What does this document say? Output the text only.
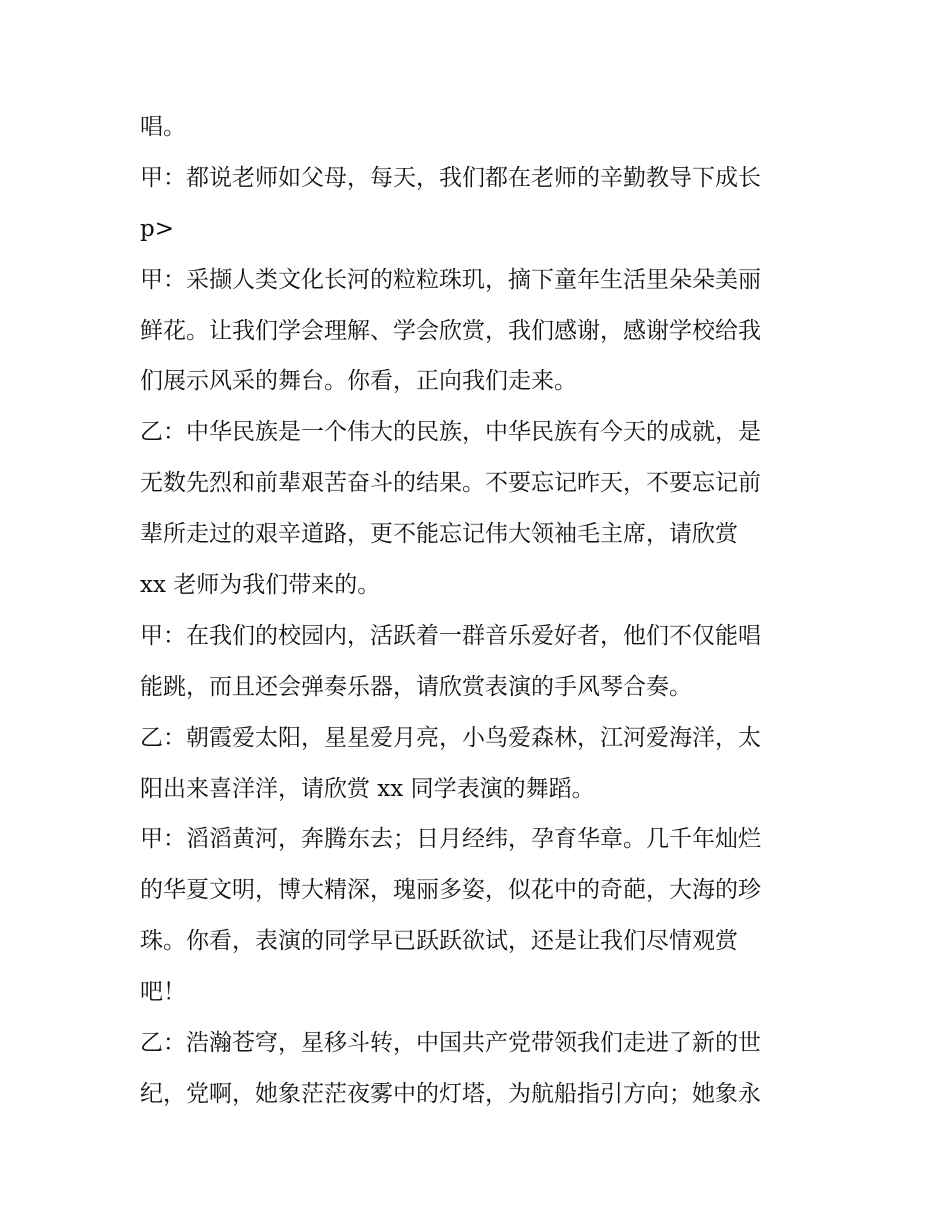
唱。
甲：都说老师如父母，每天，我们都在老师的辛勤教导下成长
p>
甲：采撷人类文化长河的粒粒珠玑，摘下童年生活里朵朵美丽
鲜花。让我们学会理解、学会欣赏，我们感谢，感谢学校给我
们展示风采的舞台。你看，正向我们走来。
乙：中华民族是一个伟大的民族，中华民族有今天的成就，是
无数先烈和前辈艰苦奋斗的结果。不要忘记昨天，不要忘记前
辈所走过的艰辛道路，更不能忘记伟大领袖毛主席，请欣赏
xx 老师为我们带来的。
甲：在我们的校园内，活跃着一群音乐爱好者，他们不仅能唱
能跳，而且还会弹奏乐器，请欣赏表演的手风琴合奏。
乙：朝霞爱太阳，星星爱月亮，小鸟爱森林，江河爱海洋，太
阳出来喜洋洋，请欣赏 xx 同学表演的舞蹈。
甲：滔滔黄河，奔腾东去；日月经纬，孕育华章。几千年灿烂
的华夏文明，博大精深，瑰丽多姿，似花中的奇葩，大海的珍
珠。你看，表演的同学早已跃跃欲试，还是让我们尽情观赏
吧！
乙：浩瀚苍穹，星移斗转，中国共产党带领我们走进了新的世
纪，党啊，她象茫茫夜雾中的灯塔，为航船指引方向；她象永
